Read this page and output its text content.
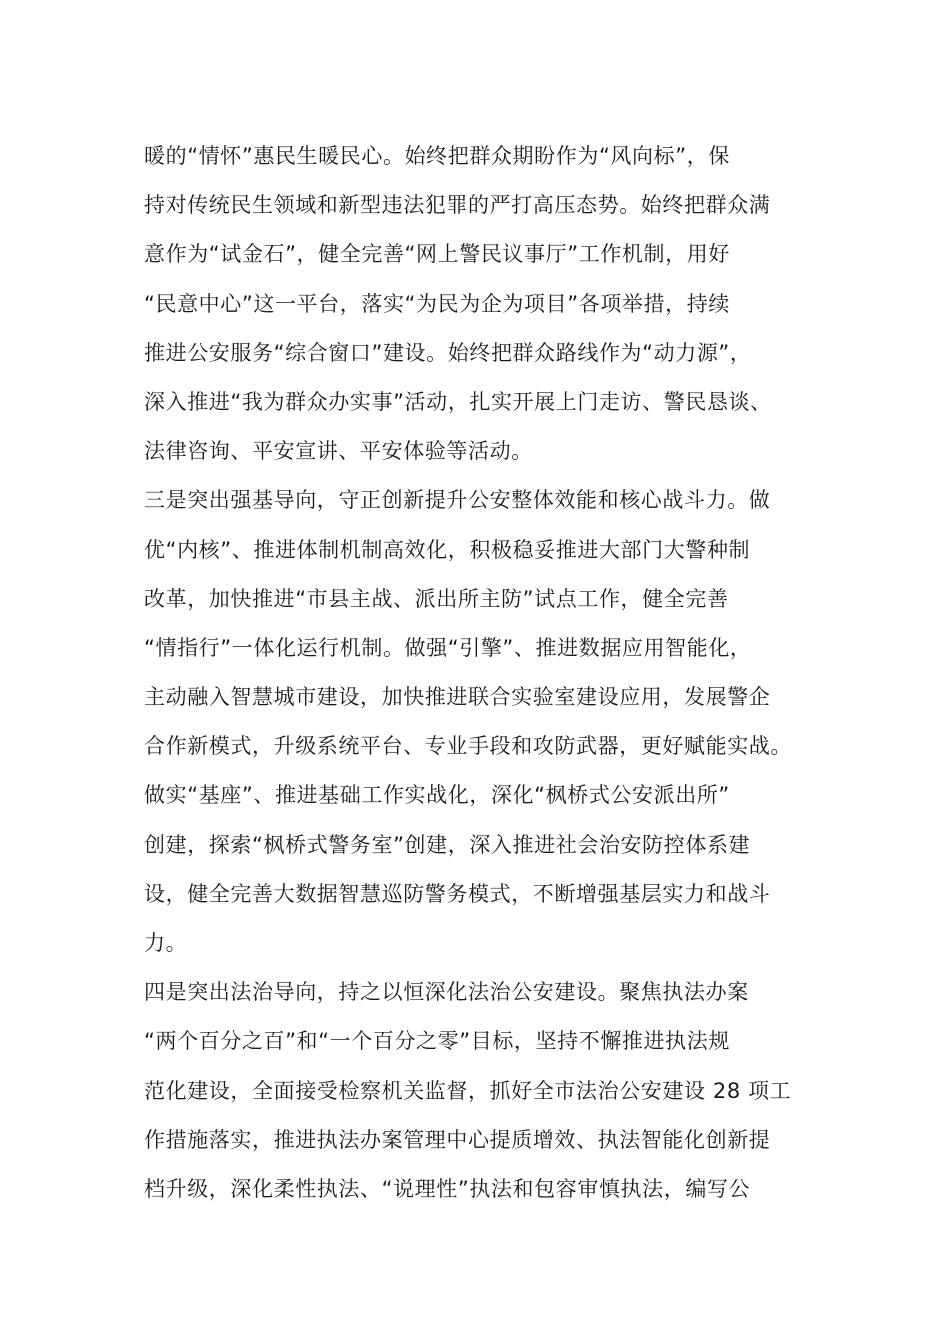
暖的“情怀”惠民生暖民心。始终把群众期盼作为“风向标”，保
持对传统民生领域和新型违法犯罪的严打高压态势。始终把群众满
意作为“试金石”，健全完善“网上警民议事厅”工作机制，用好
“民意中心”这一平台，落实“为民为企为项目”各项举措，持续
推进公安服务“综合窗口”建设。始终把群众路线作为“动力源”，
深入推进“我为群众办实事”活动，扎实开展上门走访、警民恳谈、
法律咨询、平安宣讲、平安体验等活动。
三是突出强基导向，守正创新提升公安整体效能和核心战斗力。做
优“内核”、推进体制机制高效化，积极稳妥推进大部门大警种制
改革，加快推进“市县主战、派出所主防”试点工作，健全完善
“情指行”一体化运行机制。做强“引擎”、推进数据应用智能化，
主动融入智慧城市建设，加快推进联合实验室建设应用，发展警企
合作新模式，升级系统平台、专业手段和攻防武器，更好赋能实战。
做实“基座”、推进基础工作实战化，深化“枫桥式公安派出所”
创建，探索“枫桥式警务室”创建，深入推进社会治安防控体系建
设，健全完善大数据智慧巡防警务模式，不断增强基层实力和战斗
力。
四是突出法治导向，持之以恒深化法治公安建设。聚焦执法办案
“两个百分之百”和“一个百分之零”目标，坚持不懈推进执法规
范化建设，全面接受检察机关监督，抓好全市法治公安建设 28 项工
作措施落实，推进执法办案管理中心提质增效、执法智能化创新提
档升级，深化柔性执法、“说理性”执法和包容审慎执法，编写公
